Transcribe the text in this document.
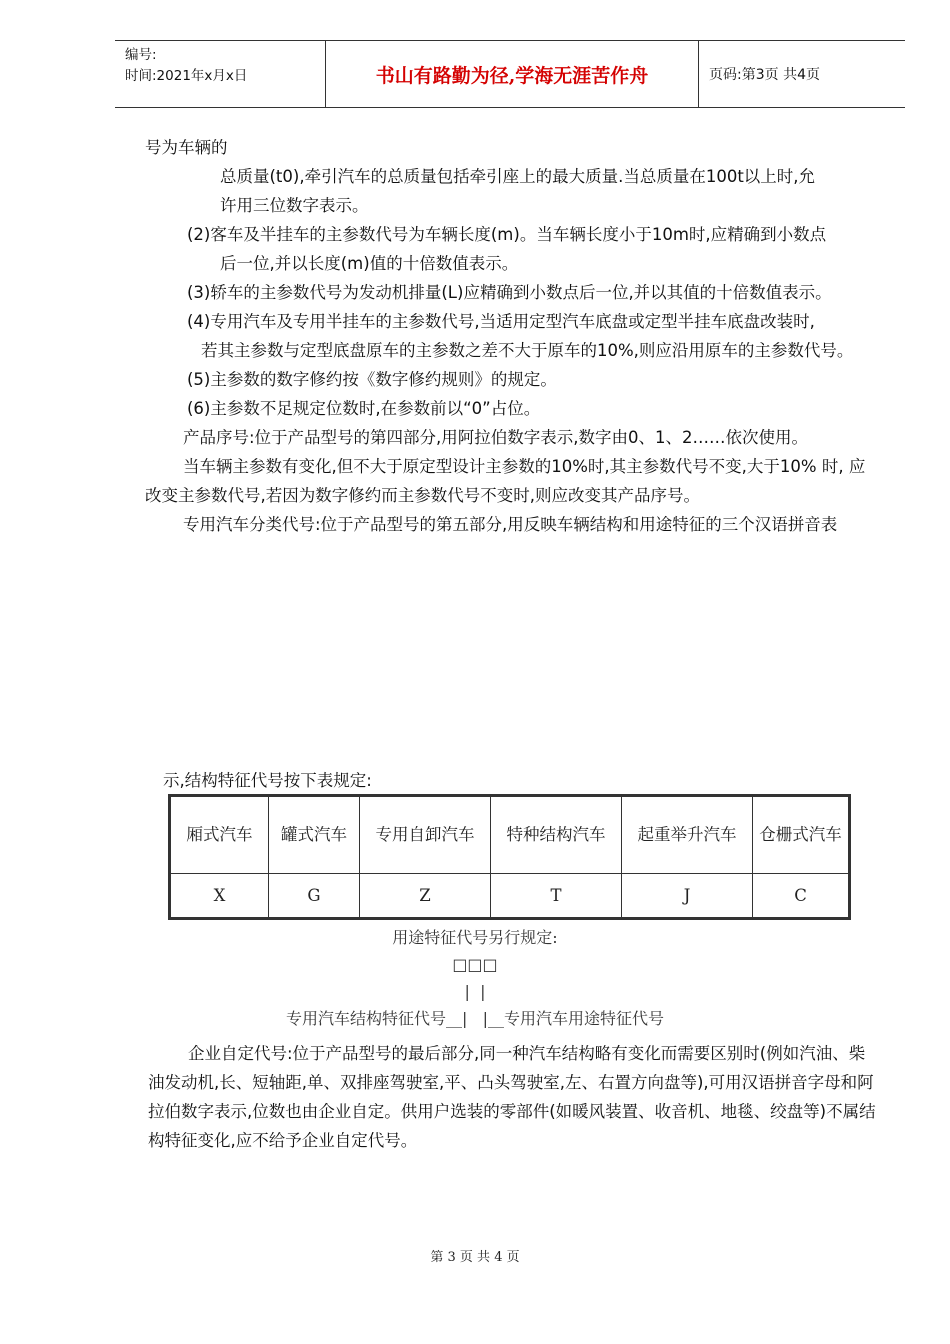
编号:
时间:2021年x月x日	书山有路勤为径,学海无涯苦作舟	页码:第3页 共4页

号为车辆的

总质量(t0),牵引汽车的总质量包括牵引座上的最大质量.当总质量在100t以上时,允

许用三位数字表示。

(2)客车及半挂车的主参数代号为车辆长度(m)。当车辆长度小于10m时,应精确到小数点

后一位,并以长度(m)值的十倍数值表示。

(3)轿车的主参数代号为发动机排量(L)应精确到小数点后一位,并以其值的十倍数值表示。

(4)专用汽车及专用半挂车的主参数代号,当适用定型汽车底盘或定型半挂车底盘改装时,

若其主参数与定型底盘原车的主参数之差不大于原车的10%,则应沿用原车的主参数代号。

(5)主参数的数字修约按《数字修约规则》的规定。

(6)主参数不足规定位数时,在参数前以“0”占位。

产品序号:位于产品型号的第四部分,用阿拉伯数字表示,数字由0、1、2……依次使用。

当车辆主参数有变化,但不大于原定型设计主参数的10%时,其主参数代号不变,大于10% 时, 应改变主参数代号,若因为数字修约而主参数代号不变时,则应改变其产品序号。

专用汽车分类代号:位于产品型号的第五部分,用反映车辆结构和用途特征的三个汉语拼音表

示,结构特征代号按下表规定:
厢式汽车	罐式汽车	专用自卸汽车	特种结构汽车	起重举升汽车	仓栅式汽车
X	G	Z	T	J	C
用途特征代号另行规定:
□□□
|  |
专用汽车结构特征代号__|   |__专用汽车用途特征代号

企业自定代号:位于产品型号的最后部分,同一种汽车结构略有变化而需要区别时(例如汽油、柴油发动机,长、短轴距,单、双排座驾驶室,平、凸头驾驶室,左、右置方向盘等),可用汉语拼音字母和阿拉伯数字表示,位数也由企业自定。供用户选装的零部件(如暖风装置、收音机、地毯、绞盘等)不属结构特征变化,应不给予企业自定代号。

第 3 页 共 4 页
